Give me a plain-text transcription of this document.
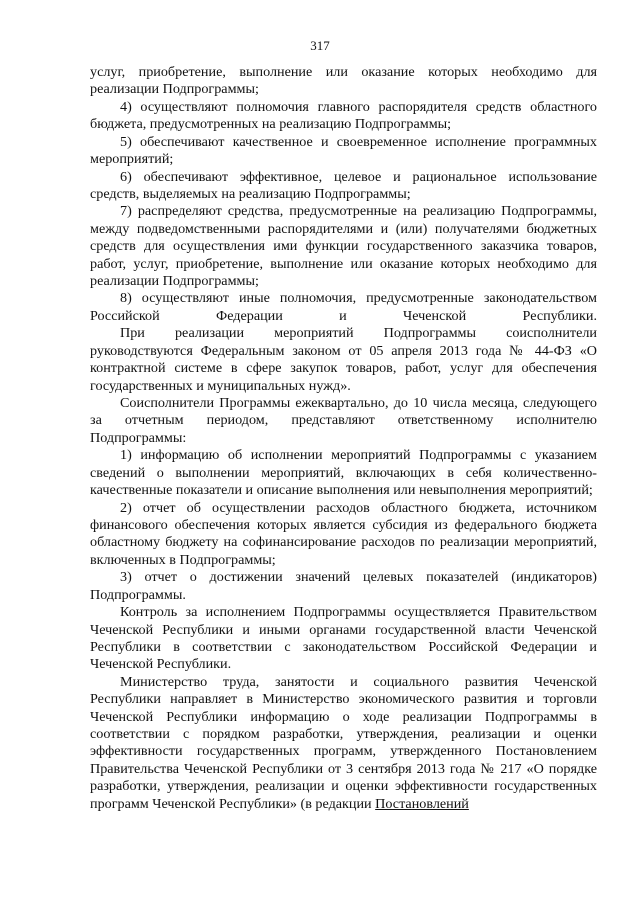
317

услуг, приобретение, выполнение или оказание которых необходимо для реализации Подпрограммы;

4) осуществляют полномочия главного распорядителя средств областного бюджета, предусмотренных на реализацию Подпрограммы;

5) обеспечивают качественное и своевременное исполнение программных мероприятий;

6) обеспечивают эффективное, целевое и рациональное использование средств, выделяемых на реализацию Подпрограммы;

7) распределяют средства, предусмотренные на реализацию Подпрограммы, между подведомственными распорядителями и (или) получателями бюджетных средств для осуществления ими функции государственного заказчика товаров, работ, услуг, приобретение, выполнение или оказание которых необходимо для реализации Подпрограммы;

8) осуществляют иные полномочия, предусмотренные законодательством Российской Федерации и Чеченской Республики.

При реализации мероприятий Подпрограммы соисполнители руководствуются Федеральным законом от 05 апреля 2013 года № 44-ФЗ «О контрактной системе в сфере закупок товаров, работ, услуг для обеспечения государственных и муниципальных нужд».

Соисполнители Программы ежеквартально, до 10 числа месяца, следующего за отчетным периодом, представляют ответственному исполнителю Подпрограммы:

1) информацию об исполнении мероприятий Подпрограммы с указанием сведений о выполнении мероприятий, включающих в себя количественно-качественные показатели и описание выполнения или невыполнения мероприятий;

2) отчет об осуществлении расходов областного бюджета, источником финансового обеспечения которых является субсидия из федерального бюджета областному бюджету на софинансирование расходов по реализации мероприятий, включенных в Подпрограммы;

3) отчет о достижении значений целевых показателей (индикаторов) Подпрограммы.

Контроль за исполнением Подпрограммы осуществляется Правительством Чеченской Республики и иными органами государственной власти Чеченской Республики в соответствии с законодательством Российской Федерации и Чеченской Республики.

Министерство труда, занятости и социального развития Чеченской Республики направляет в Министерство экономического развития и торговли Чеченской Республики информацию о ходе реализации Подпрограммы в соответствии с порядком разработки, утверждения, реализации и оценки эффективности государственных программ, утвержденного Постановлением Правительства Чеченской Республики от 3 сентября 2013 года № 217 «О порядке разработки, утверждения, реализации и оценки эффективности государственных программ Чеченской Республики» (в редакции Постановлений
